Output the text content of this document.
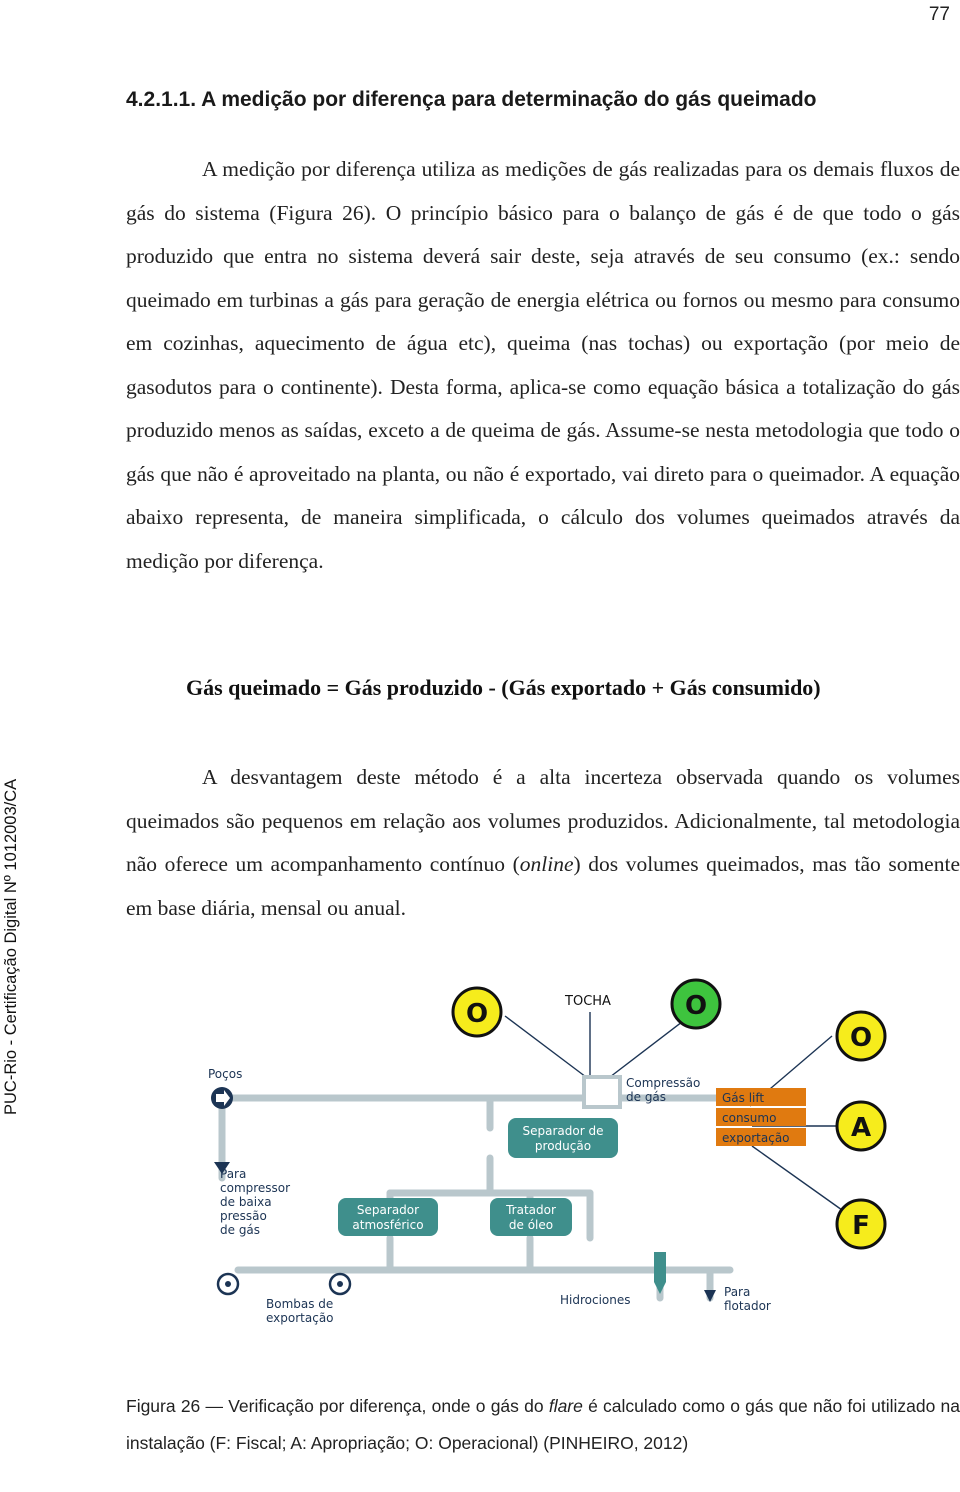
77
PUC-Rio - Certificação Digital Nº 1012003/CA
4.2.1.1. A medição por diferença para determinação do gás queimado

A medição por diferença utiliza as medições de gás realizadas para os demais fluxos de gás do sistema (Figura 26). O princípio básico para o balanço de gás é de que todo o gás produzido que entra no sistema deverá sair deste, seja através de seu consumo (ex.: sendo queimado em turbinas a gás para geração de energia elétrica ou fornos ou mesmo para consumo em cozinhas, aquecimento de água etc), queima (nas tochas) ou exportação (por meio de gasodutos para o continente). Desta forma, aplica-se como equação básica a totalização do gás produzido menos as saídas, exceto a de queima de gás. Assume-se nesta metodologia que todo o gás que não é aproveitado na planta, ou não é exportado, vai direto para o queimador. A equação abaixo representa, de maneira simplificada, o cálculo dos volumes queimados através da medição por diferença.

Gás queimado = Gás produzido - (Gás exportado + Gás consumido)

A desvantagem deste método é a alta incerteza observada quando os volumes queimados são pequenos em relação aos volumes produzidos. Adicionalmente, tal metodologia não oferece um acompanhamento contínuo (online) dos volumes queimados, mas tão somente em base diária, mensal ou anual.

O	O
O
A
F
TOCHA
Poços
Compressão
de gás	Gás lift
consumo
exportação
Separador de
produção
Separador
atmosférico
Tratador
de óleo
Para
compressor
de baixa
pressão
de gás
Bombas de
exportação
Hidrociones
Para
flotador

Figura 26 — Verificação por diferença, onde o gás do flare é calculado como o gás que não foi utilizado na instalação (F: Fiscal; A: Apropriação; O: Operacional) (PINHEIRO, 2012)
